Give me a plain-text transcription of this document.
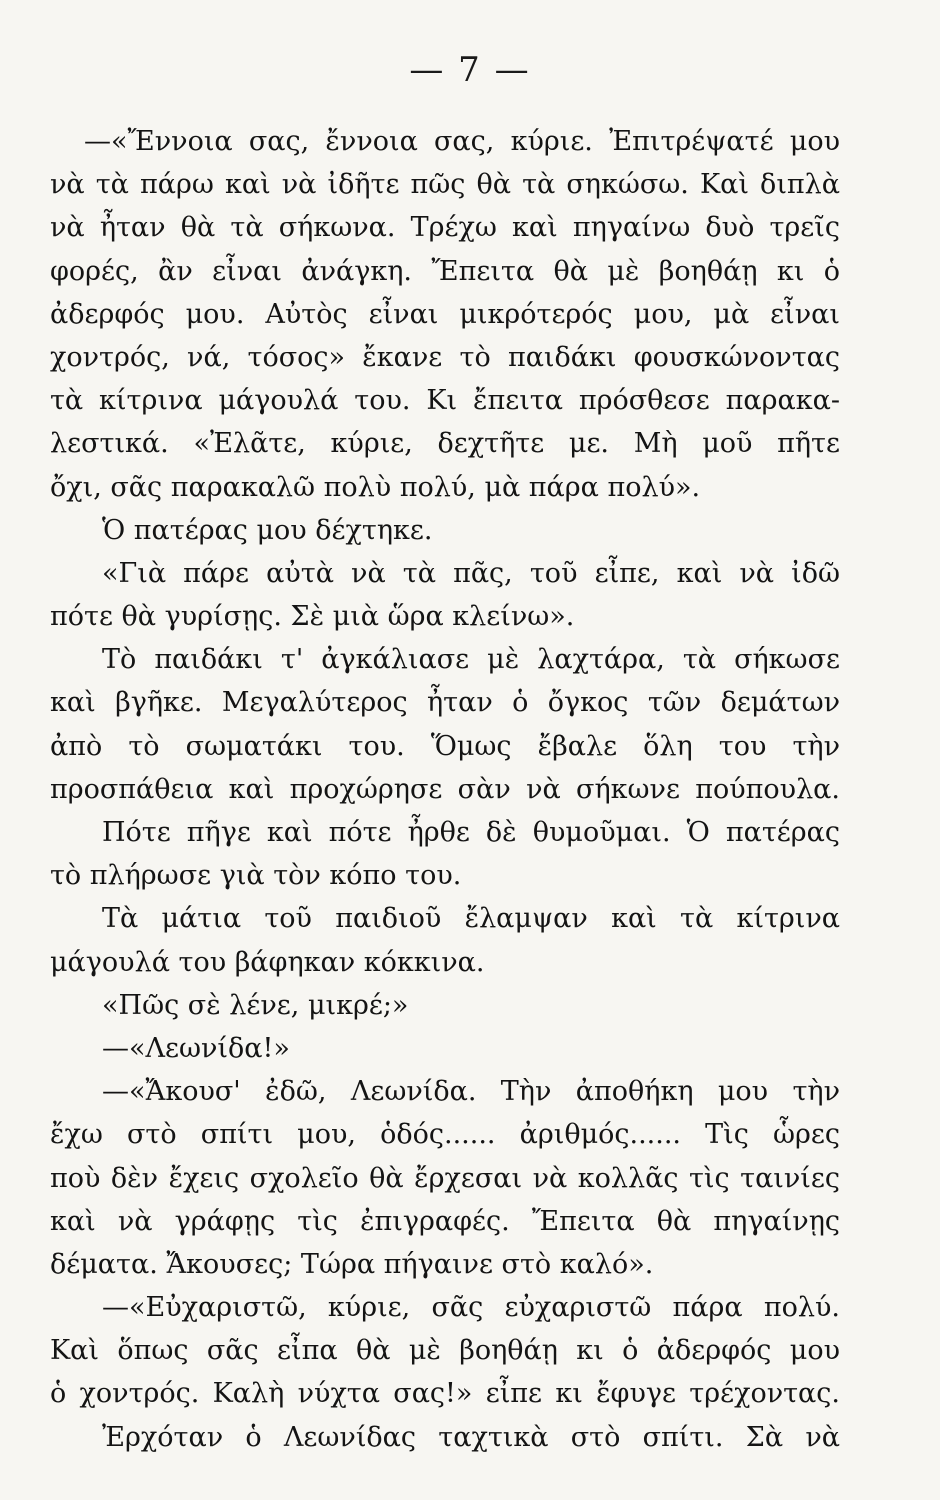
— 7 —
—«Ἔννοια σας, ἔννοια σας, κύριε. Ἐπιτρέψατέ μου
νὰ τὰ πάρω καὶ νὰ ἰδῆτε πῶς θὰ τὰ σηκώσω. Καὶ διπλὰ
νὰ ἦταν θὰ τὰ σήκωνα. Τρέχω καὶ πηγαίνω δυὸ τρεῖς
φορές, ἂν εἶναι ἀνάγκη. Ἔπειτα θὰ μὲ βοηθάῃ κι ὁ
ἀδερφός μου. Αὐτὸς εἶναι μικρότερός μου, μὰ εἶναι
χοντρός, νά, τόσος» ἔκανε τὸ παιδάκι φουσκώνοντας
τὰ κίτρινα μάγουλά του. Κι ἔπειτα πρόσθεσε παρακα-
λεστικά. «Ἐλᾶτε, κύριε, δεχτῆτε με. Μὴ μοῦ πῆτε
ὄχι, σᾶς παρακαλῶ πολὺ πολύ, μὰ πάρα πολύ».
Ὁ πατέρας μου δέχτηκε.
«Γιὰ πάρε αὐτὰ νὰ τὰ πᾶς, τοῦ εἶπε, καὶ νὰ ἰδῶ
πότε θὰ γυρίσῃς. Σὲ μιὰ ὥρα κλείνω».
Τὸ παιδάκι τ' ἀγκάλιασε μὲ λαχτάρα, τὰ σήκωσε
καὶ βγῆκε. Μεγαλύτερος ἦταν ὁ ὄγκος τῶν δεμάτων
ἀπὸ τὸ σωματάκι του. Ὅμως ἔβαλε ὅλη του τὴν
προσπάθεια καὶ προχώρησε σὰν νὰ σήκωνε πούπουλα.
Πότε πῆγε καὶ πότε ἦρθε δὲ θυμοῦμαι. Ὁ πατέρας
τὸ πλήρωσε γιὰ τὸν κόπο του.
Τὰ μάτια τοῦ παιδιοῦ ἔλαμψαν καὶ τὰ κίτρινα
μάγουλά του βάφηκαν κόκκινα.
«Πῶς σὲ λένε, μικρέ;»
—«Λεωνίδα!»
—«Ἄκουσ' ἐδῶ, Λεωνίδα. Τὴν ἀποθήκη μου τὴν
ἔχω στὸ σπίτι μου, ὁδός...... ἀριθμός...... Τὶς ὧρες
ποὺ δὲν ἔχεις σχολεῖο θὰ ἔρχεσαι νὰ κολλᾶς τὶς ταινίες
καὶ νὰ γράφῃς τὶς ἐπιγραφές. Ἔπειτα θὰ πηγαίνῃς
δέματα. Ἄκουσες; Τώρα πήγαινε στὸ καλό».
—«Εὐχαριστῶ, κύριε, σᾶς εὐχαριστῶ πάρα πολύ.
Καὶ ὅπως σᾶς εἶπα θὰ μὲ βοηθάῃ κι ὁ ἀδερφός μου
ὁ χοντρός. Καλὴ νύχτα σας!» εἶπε κι ἔφυγε τρέχοντας.
Ἐρχόταν ὁ Λεωνίδας ταχτικὰ στὸ σπίτι. Σὰ νὰ
